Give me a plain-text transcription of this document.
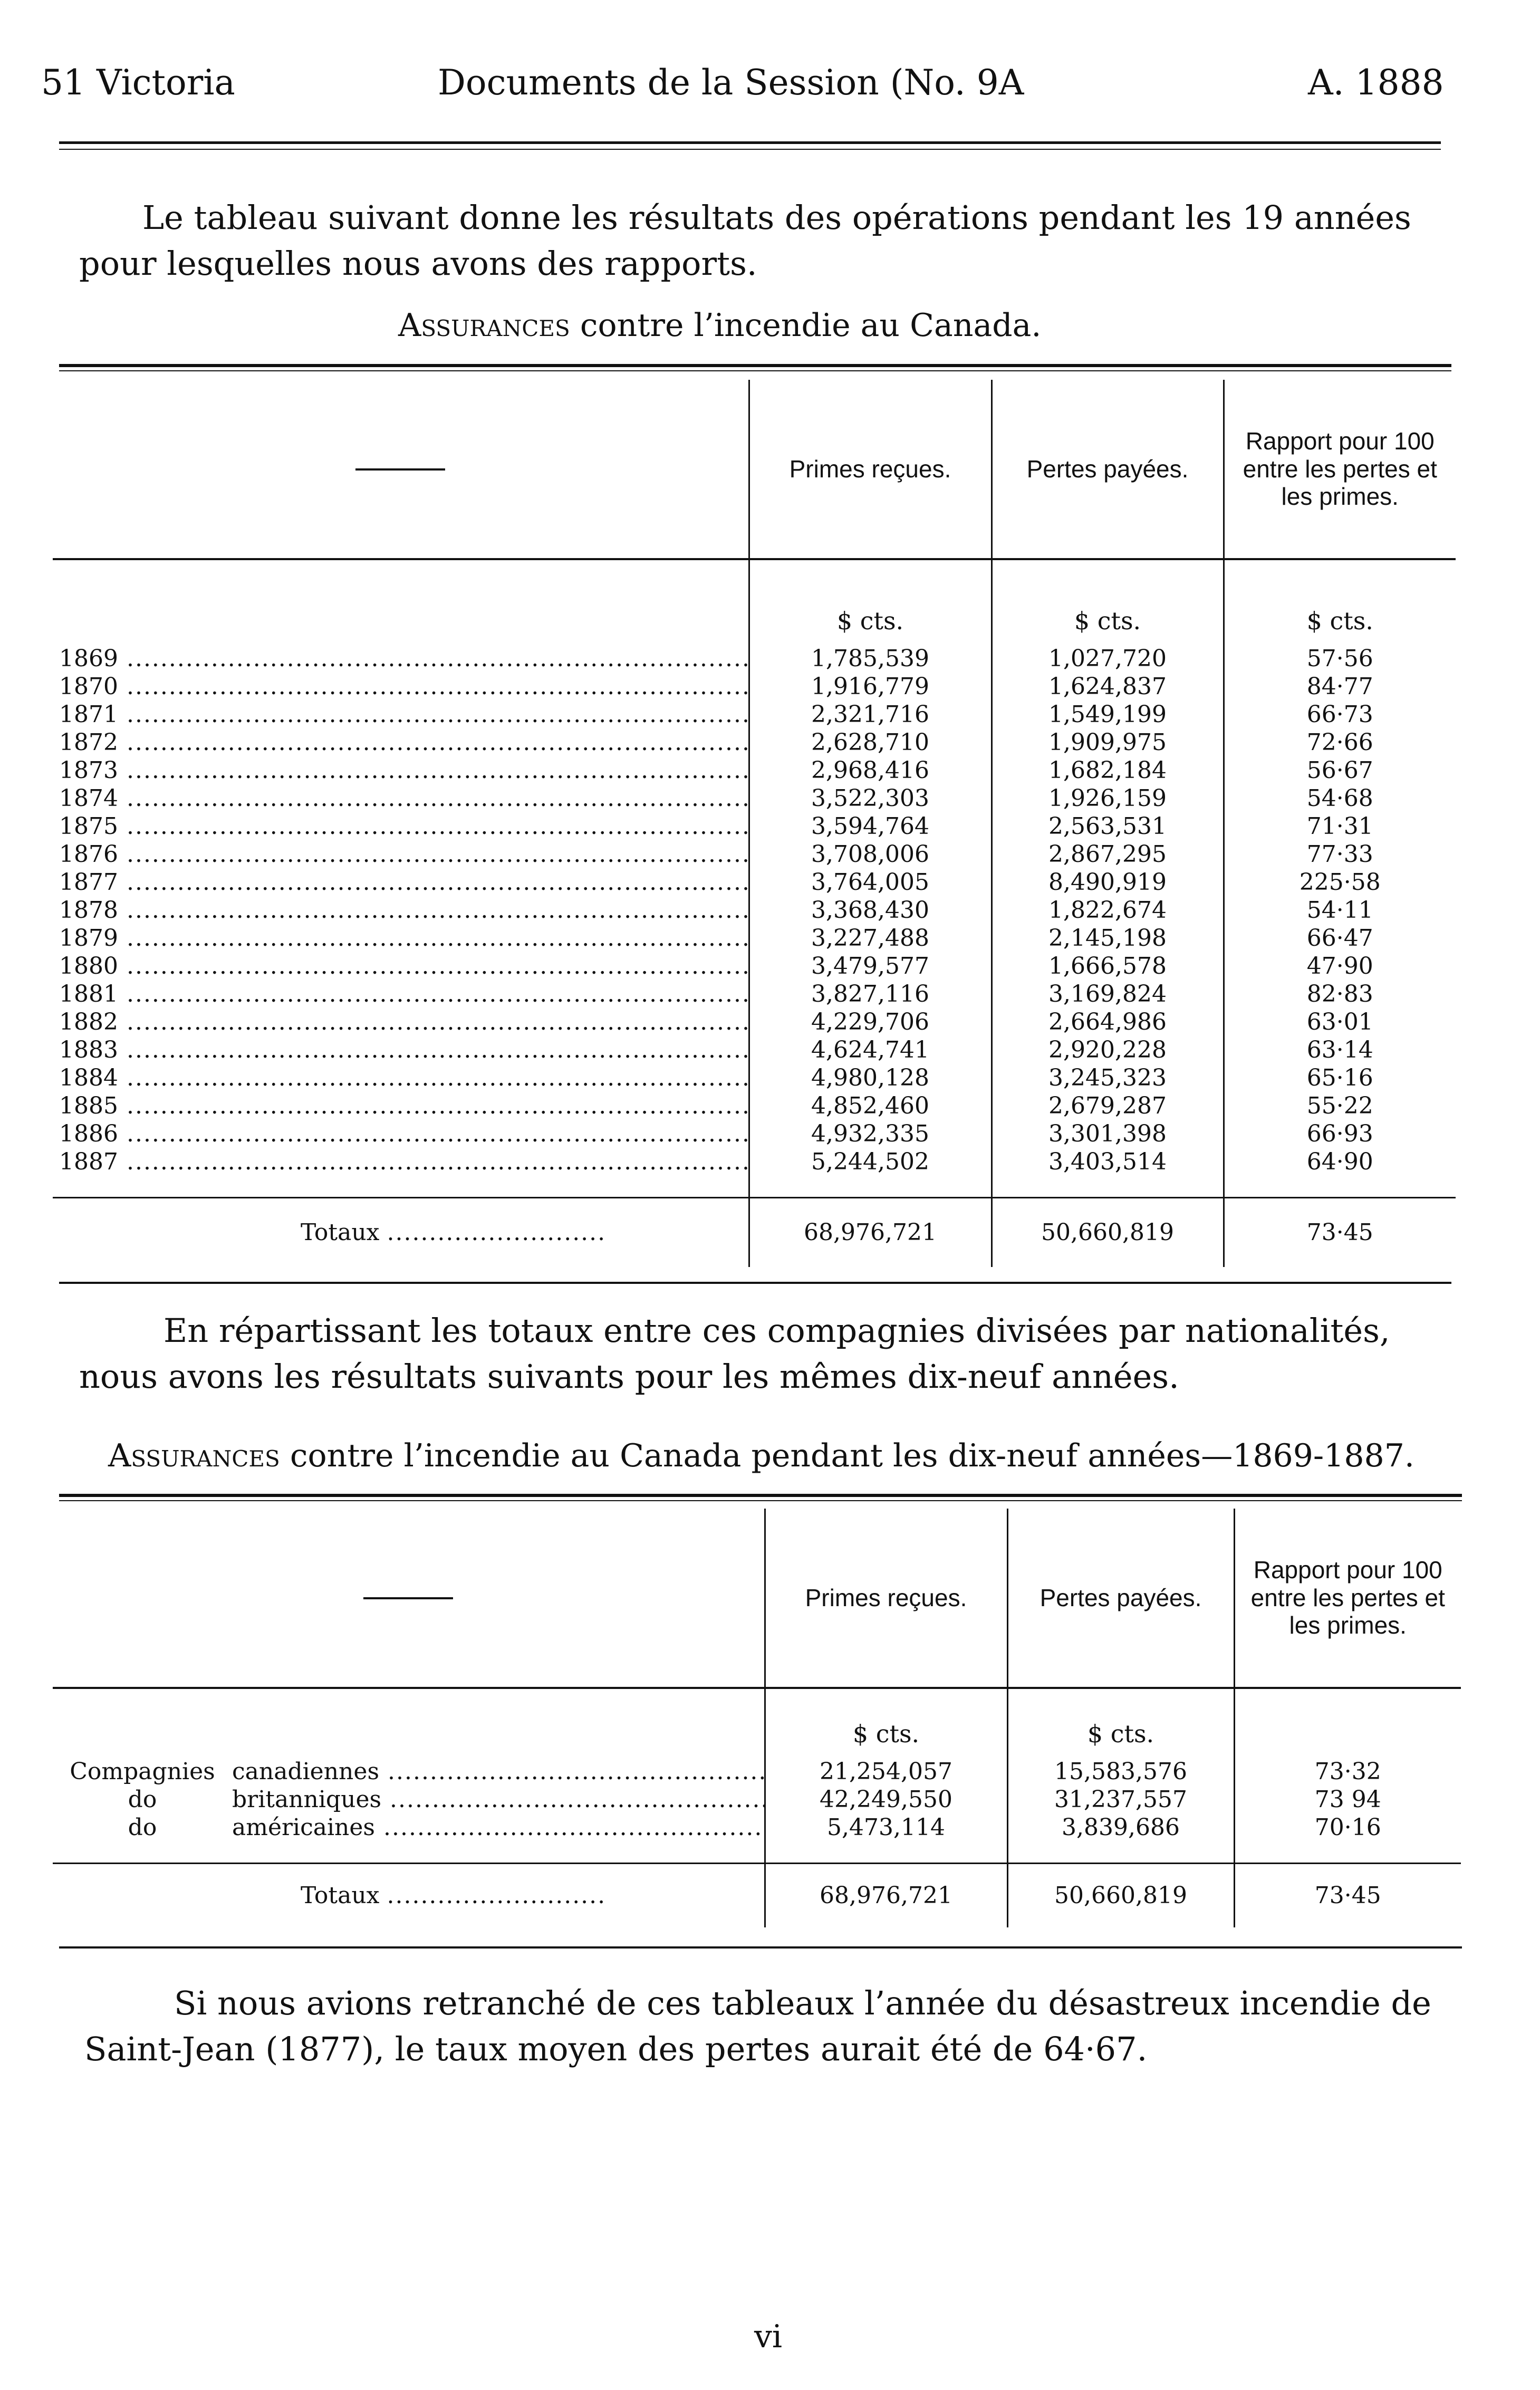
51 Victoria	Documents de la Session (No. 9A	A. 1888
Le tableau suivant donne les résultats des opérations pendant les 19 années pour lesquelles nous avons des rapports.
Assurances contre l’incendie au Canada.
	Primes reçues.	Pertes payées.	Rapport pour 100 entre les pertes et les primes.
	$ cts.	$ cts.	$ cts.
1869 .....	1,785,539	1,027,720	57·56
1870 .....	1,916,779	1,624,837	84·77
1871 .....	2,321,716	1,549,199	66·73
1872 .....	2,628,710	1,909,975	72·66
1873 .....	2,968,416	1,682,184	56·67
1874 .....	3,522,303	1,926,159	54·68
1875 .....	3,594,764	2,563,531	71·31
1876 .....	3,708,006	2,867,295	77·33
1877 .....	3,764,005	8,490,919	225·58
1878 .....	3,368,430	1,822,674	54·11
1879 .....	3,227,488	2,145,198	66·47
1880 .....	3,479,577	1,666,578	47·90
1881 .....	3,827,116	3,169,824	82·83
1882 .....	4,229,706	2,664,986	63·01
1883 .....	4,624,741	2,920,228	63·14
1884 .....	4,980,128	3,245,323	65·16
1885 .....	4,852,460	2,679,287	55·22
1886 .....	4,932,335	3,301,398	66·93
1887 .....	5,244,502	3,403,514	64·90

Totaux ..........................	68,976,721	50,660,819	73·45
En répartissant les totaux entre ces compagnies divisées par nationalités, nous avons les résultats suivants pour les mêmes dix-neuf années.
Assurances contre l’incendie au Canada pendant les dix-neuf années—1869-1887.
	Primes reçues.	Pertes payées.	Rapport pour 100 entre les pertes et les primes.
	$ cts.	$ cts.	
Compagnies canadiennes .....	21,254,057	15,583,576	73·32
do britanniques .....	42,249,550	31,237,557	73 94
do américaines .....	5,473,114	3,839,686	70·16

Totaux ..........................	68,976,721	50,660,819	73·45
Si nous avions retranché de ces tableaux l’année du désastreux incendie de Saint-Jean (1877), le taux moyen des pertes aurait été de 64·67.
vi
